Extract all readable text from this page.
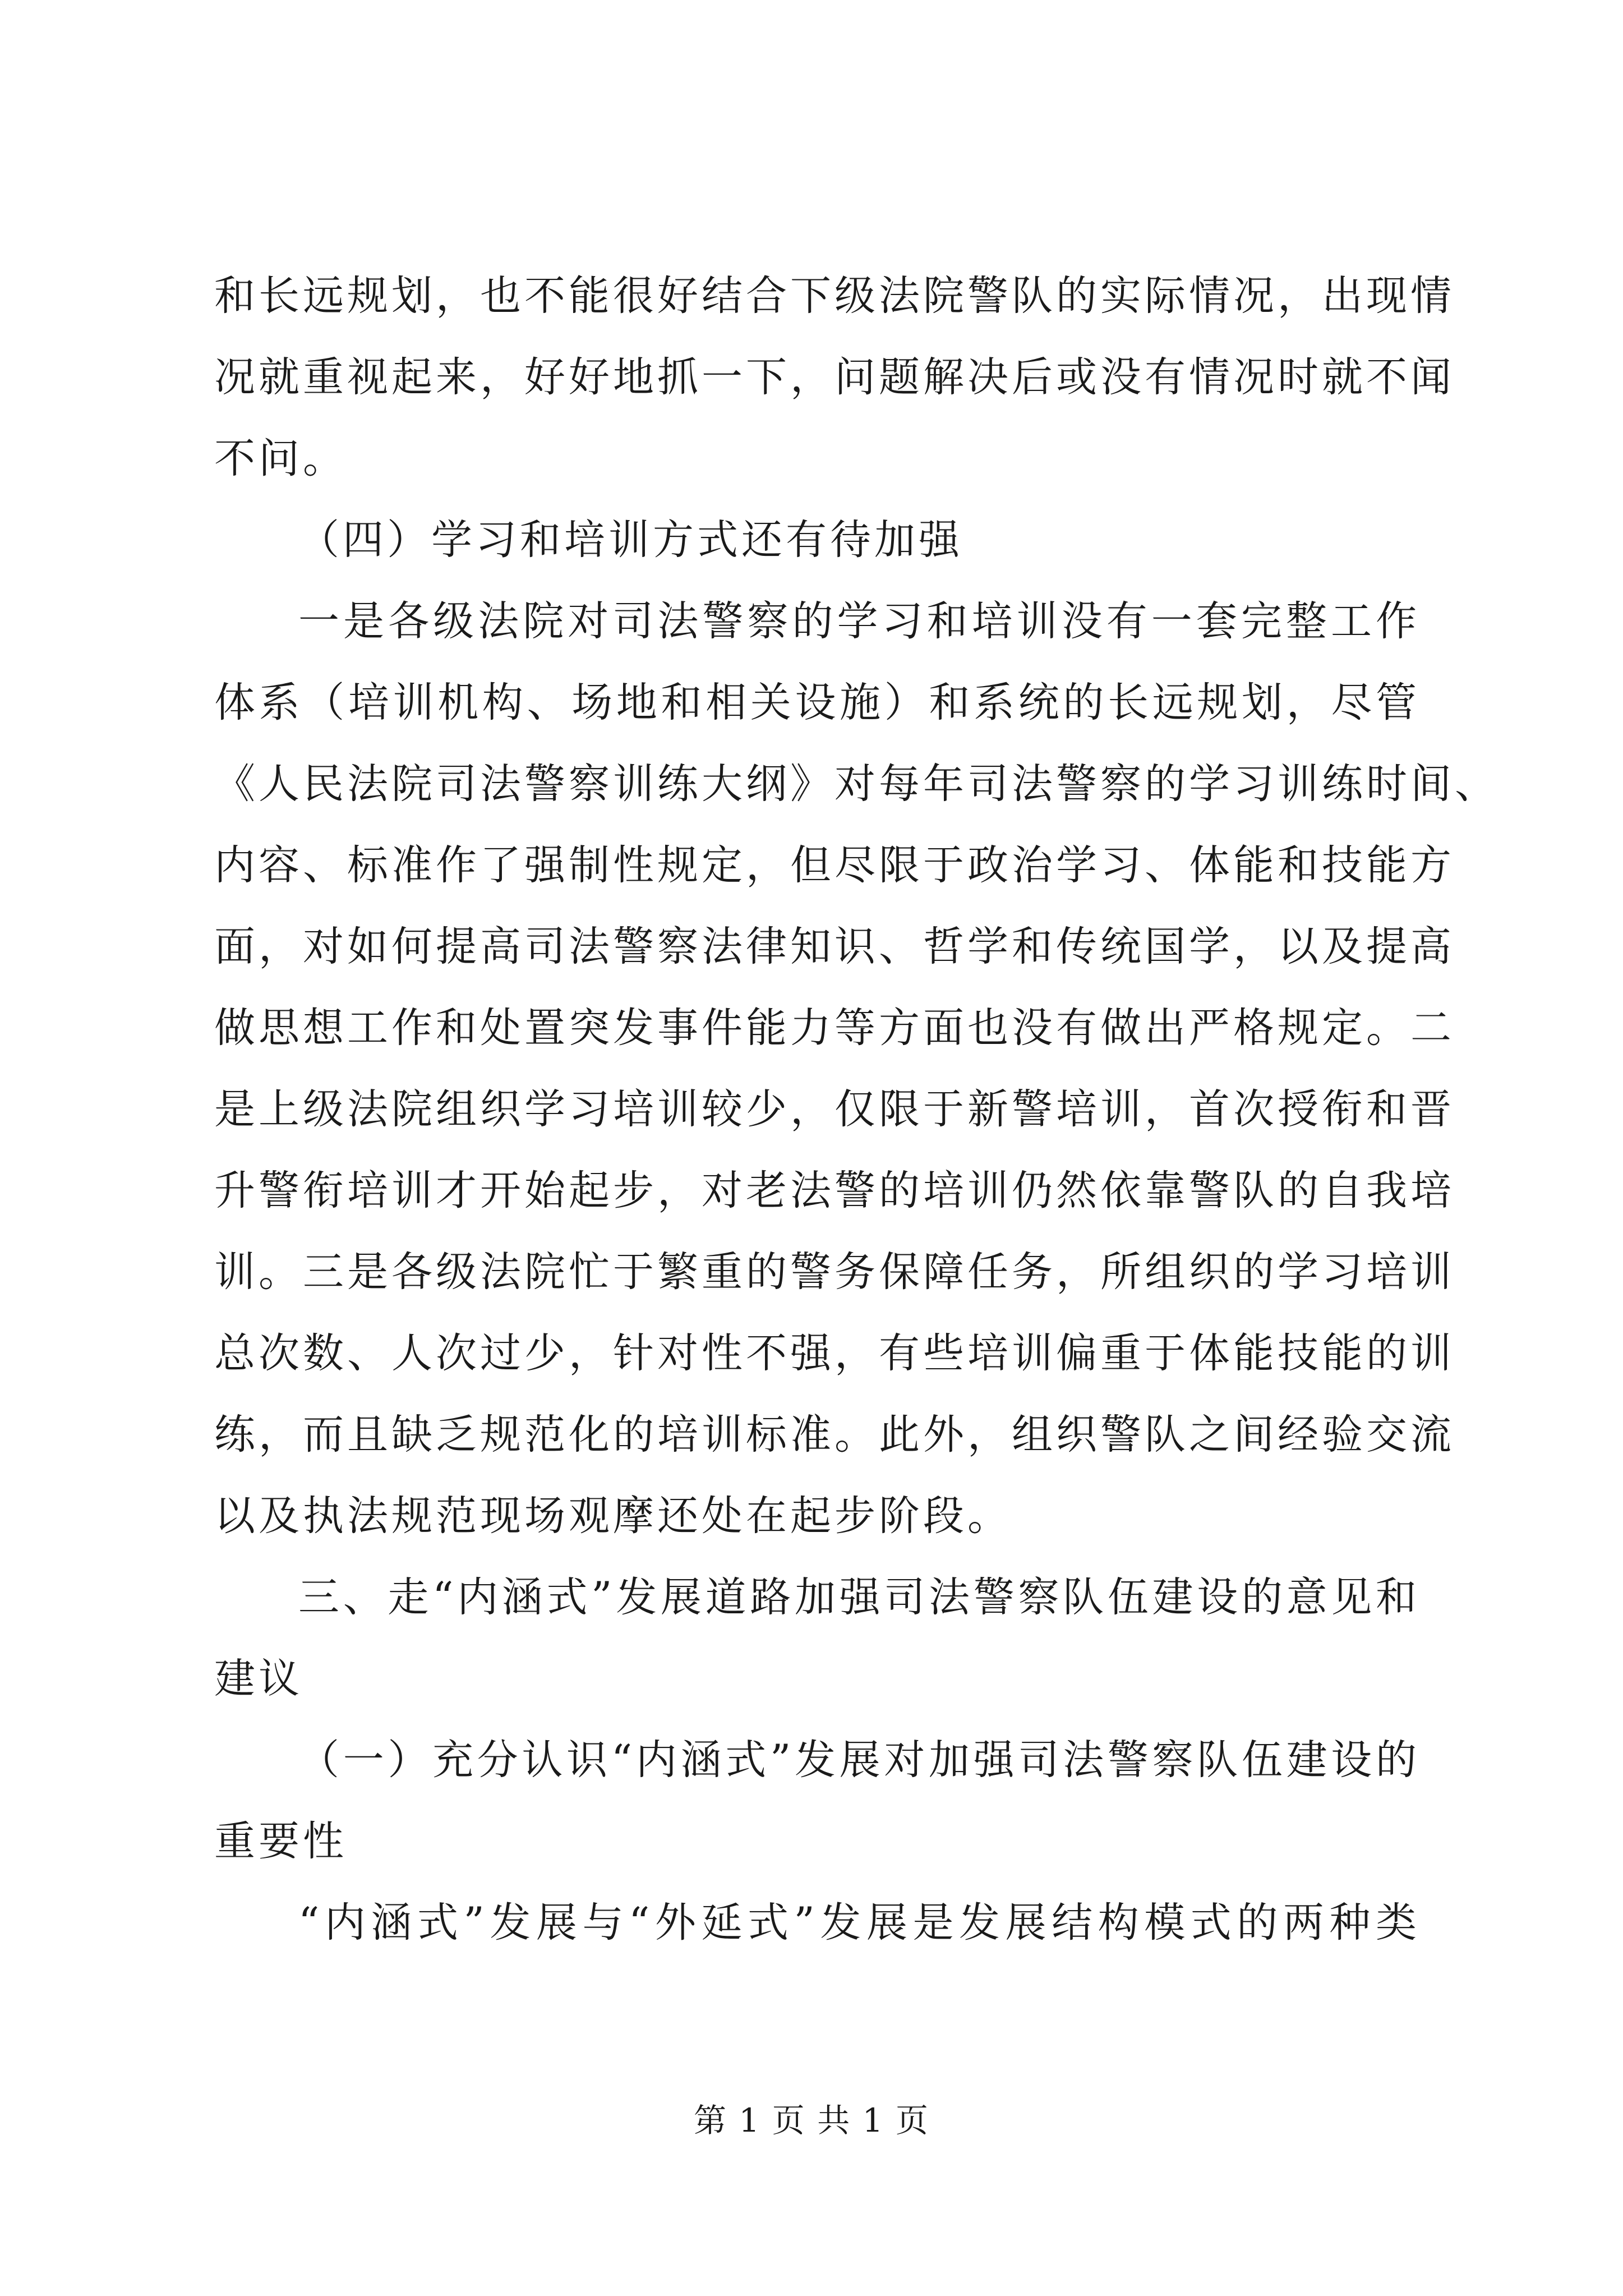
和长远规划，也不能很好结合下级法院警队的实际情况，出现情
况就重视起来，好好地抓一下，问题解决后或没有情况时就不闻
不问。
（四）学习和培训方式还有待加强
一是各级法院对司法警察的学习和培训没有一套完整工作
体系（培训机构、场地和相关设施）和系统的长远规划，尽管
《人民法院司法警察训练大纲》对每年司法警察的学习训练时间、
内容、标准作了强制性规定，但尽限于政治学习、体能和技能方
面，对如何提高司法警察法律知识、哲学和传统国学，以及提高
做思想工作和处置突发事件能力等方面也没有做出严格规定。二
是上级法院组织学习培训较少，仅限于新警培训，首次授衔和晋
升警衔培训才开始起步，对老法警的培训仍然依靠警队的自我培
训。三是各级法院忙于繁重的警务保障任务，所组织的学习培训
总次数、人次过少，针对性不强，有些培训偏重于体能技能的训
练，而且缺乏规范化的培训标准。此外，组织警队之间经验交流
以及执法规范现场观摩还处在起步阶段。
三、走“内涵式”发展道路加强司法警察队伍建设的意见和
建议
（一）充分认识“内涵式”发展对加强司法警察队伍建设的
重要性
“内涵式”发展与“外延式”发展是发展结构模式的两种类
第 1 页 共 1 页
